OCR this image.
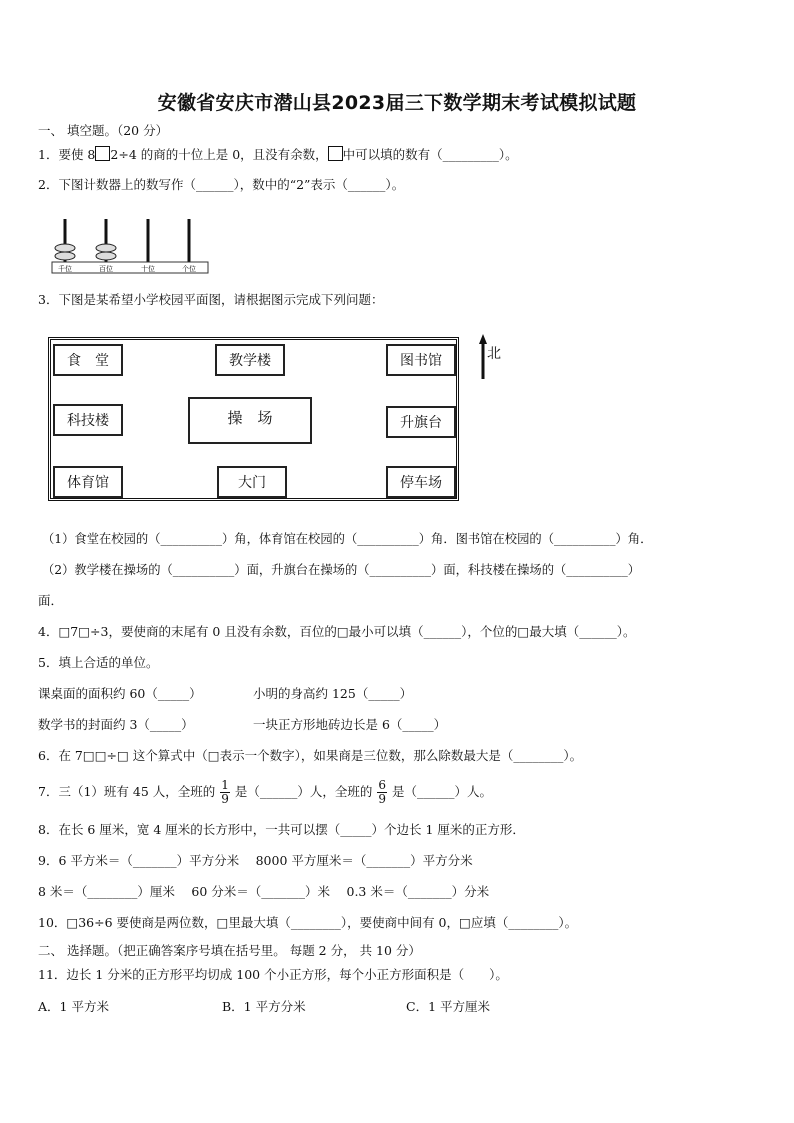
安徽省安庆市潜山县2023届三下数学期末考试模拟试题
一、 填空题。（20 分）
1．要使 8 2÷4 的商的十位上是 0，且没有余数， 中可以填的数有（_________）。
2．下图计数器上的数写作（______），数中的“2”表示（______）。
千位	百位	十位	个位
3．下图是某希望小学校园平面图，请根据图示完成下列问题：
食　堂	教学楼	图书馆
科技楼	操　场	升旗台
体育馆	大门	停车场
北
（1）食堂在校园的（__________）角，体育馆在校园的（__________）角．图书馆在校园的（__________）角．
（2）教学楼在操场的（__________）面，升旗台在操场的（__________）面，科技楼在操场的（__________）
面．
4．□7□÷3，要使商的末尾有 0 且没有余数，百位的□最小可以填（______），个位的□最大填（______）。
5．填上合适的单位。
课桌面的面积约 60（_____）	小明的身高约 125（_____）
数学书的封面约 3（_____）	一块正方形地砖边长是 6（_____）
6．在 7□□÷□ 这个算式中（□表示一个数字），如果商是三位数，那么除数最大是（________）。
7．三（1）班有 45 人，全班的 $\frac{1}{9}$ 是（______）人，全班的 $\frac{6}{9}$ 是（______）人。
8．在长 6 厘米，宽 4 厘米的长方形中，一共可以摆（_____）个边长 1 厘米的正方形．
9．6 平方米＝（_______）平方分米　 8000 平方厘米＝（_______）平方分米
8 米＝（________）厘米　 60 分米＝（_______）米　 0.3 米＝（_______）分米
10．□36÷6 要使商是两位数，□里最大填（________），要使商中间有 0，□应填（________）。
二、 选择题。（把正确答案序号填在括号里。 每题 2 分， 共 10 分）
11．边长 1 分米的正方形平均切成 100 个小正方形，每个小正方形面积是（　　）。
A．1 平方米	B．1 平方分米	C．1 平方厘米
